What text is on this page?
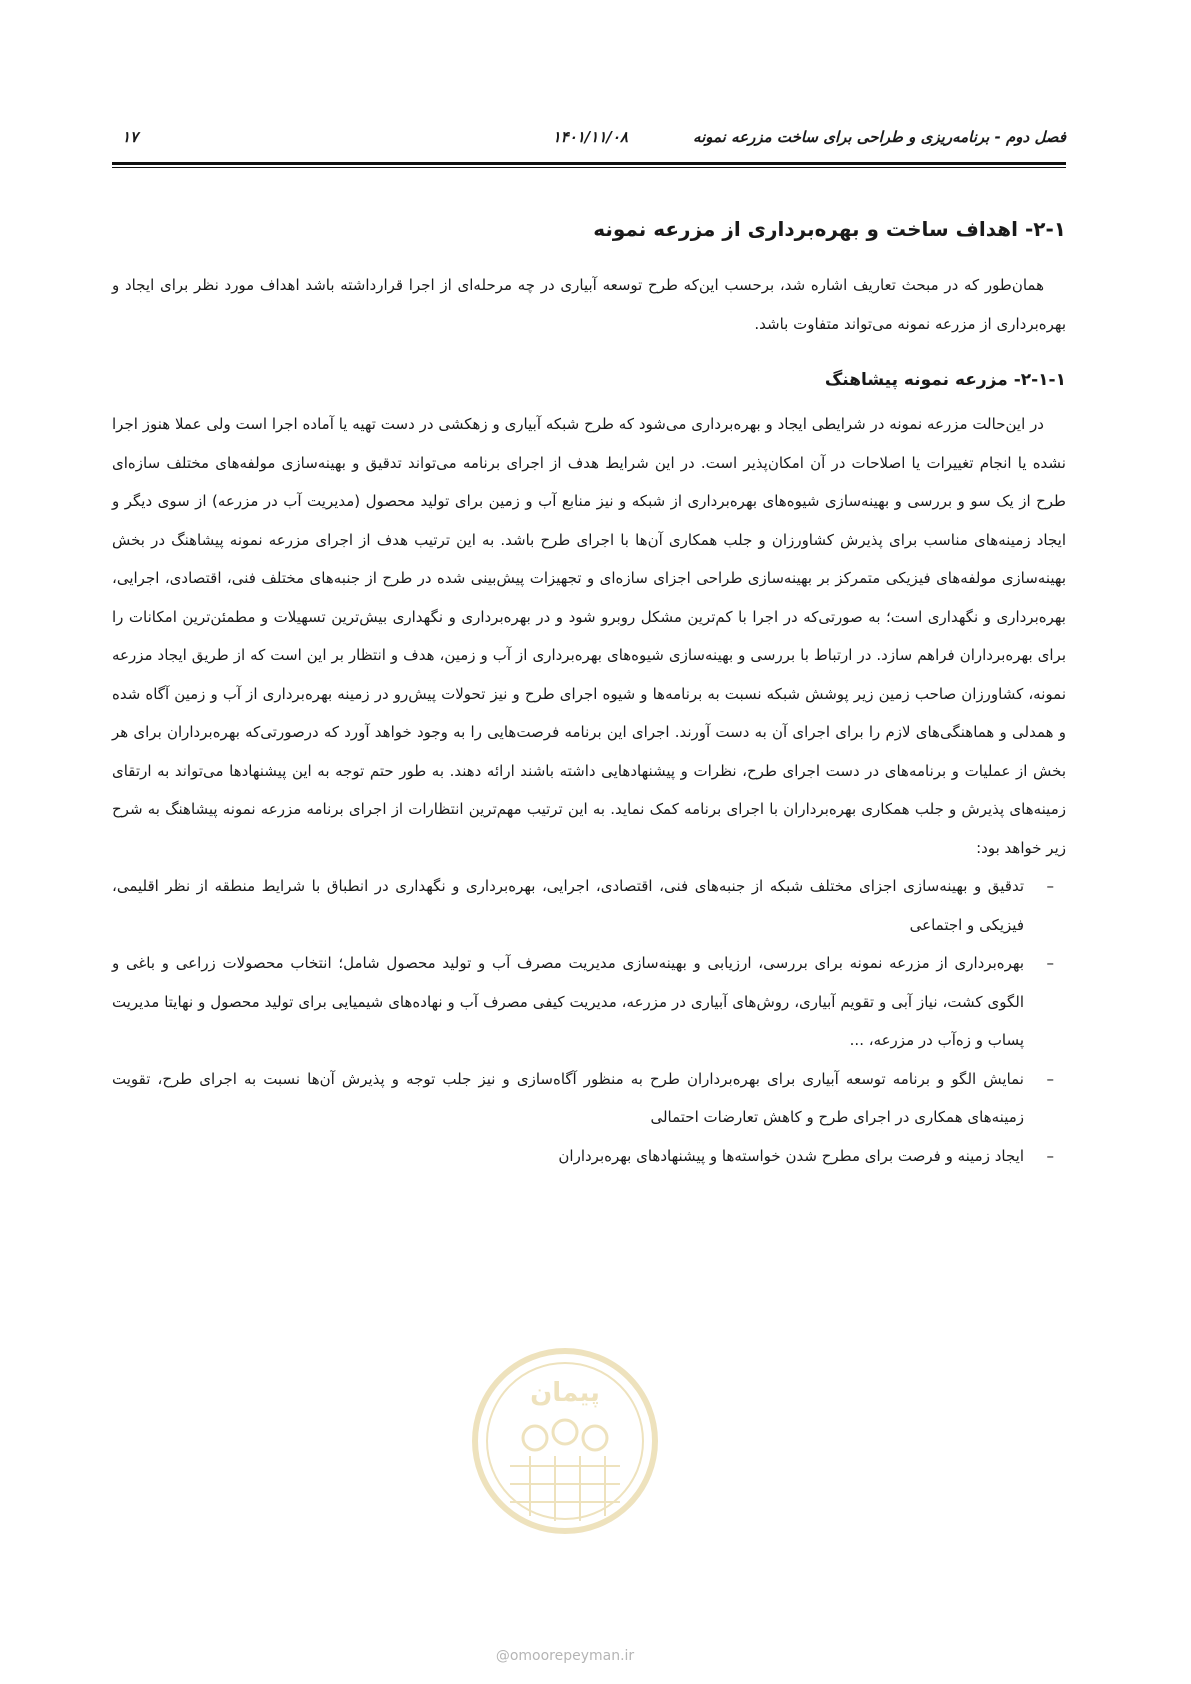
فصل دوم - برنامه‌ریزی و طراحی برای ساخت مزرعه نمونه
۱۴۰۱/۱۱/۰۸
۱۷
۲-۱- اهداف ساخت و بهره‌برداری از مزرعه نمونه

همان‌طور که در مبحث تعاریف اشاره شد، برحسب این‌که طرح توسعه آبیاری در چه مرحله‌ای از اجرا قرارداشته باشد اهداف مورد نظر برای ایجاد و بهره‌برداری از مزرعه نمونه می‌تواند متفاوت باشد.

۲-۱-۱- مزرعه نمونه پیشاهنگ

در این‌حالت مزرعه نمونه در شرایطی ایجاد و بهره‌برداری می‌شود که طرح شبکه آبیاری و زهکشی در دست تهیه یا آماده اجرا است ولی عملا هنوز اجرا نشده یا انجام تغییرات یا اصلاحات در آن امکان‌پذیر است. در این شرایط هدف از اجرای برنامه می‌تواند تدقیق و بهینه‌سازی مولفه‌های مختلف سازه‌ای طرح از یک سو و بررسی و بهینه‌سازی شیوه‌های بهره‌برداری از شبکه و نیز منابع آب و زمین برای تولید محصول (مدیریت آب در مزرعه) از سوی دیگر و ایجاد زمینه‌های مناسب برای پذیرش کشاورزان و جلب همکاری آن‌ها با اجرای طرح باشد. به این ترتیب هدف از اجرای مزرعه نمونه پیشاهنگ در بخش بهینه‌سازی مولفه‌های فیزیکی متمرکز بر بهینه‌سازی طراحی اجزای سازه‌ای و تجهیزات پیش‌بینی شده در طرح از جنبه‌های مختلف فنی، اقتصادی، اجرایی، بهره‌برداری و نگهداری است؛ به صورتی‌که در اجرا با کم‌ترین مشکل روبرو شود و در بهره‌برداری و نگهداری بیش‌ترین تسهیلات و مطمئن‌ترین امکانات را برای بهره‌برداران فراهم سازد. در ارتباط با بررسی و بهینه‌سازی شیوه‌های بهره‌برداری از آب و زمین، هدف و انتظار بر این است که از طریق ایجاد مزرعه نمونه، کشاورزان صاحب زمین زیر پوشش شبکه نسبت به برنامه‌ها و شیوه اجرای طرح و نیز تحولات پیش‌رو در زمینه بهره‌برداری از آب و زمین آگاه شده و همدلی و هماهنگی‌های لازم را برای اجرای آن به دست آورند. اجرای این برنامه فرصت‌هایی را به وجود خواهد آورد که درصورتی‌که بهره‌برداران برای هر بخش از عملیات و برنامه‌های در دست اجرای طرح، نظرات و پیشنهادهایی داشته باشند ارائه دهند. به طور حتم توجه به این پیشنهادها می‌تواند به ارتقای زمینه‌های پذیرش و جلب همکاری بهره‌برداران با اجرای برنامه کمک نماید. به این ترتیب مهم‌ترین انتظارات از اجرای برنامه مزرعه نمونه پیشاهنگ به شرح زیر خواهد بود:

–
تدقیق و بهینه‌سازی اجزای مختلف شبکه از جنبه‌های فنی، اقتصادی، اجرایی، بهره‌برداری و نگهداری در انطباق با شرایط منطقه از نظر اقلیمی، فیزیکی و اجتماعی
–
بهره‌برداری از مزرعه نمونه برای بررسی، ارزیابی و بهینه‌سازی مدیریت مصرف آب و تولید محصول شامل؛ انتخاب محصولات زراعی و باغی و الگوی کشت، نیاز آبی و تقویم آبیاری، روش‌های آبیاری در مزرعه، مدیریت کیفی مصرف آب و نهاده‌های شیمیایی برای تولید محصول و نهایتا مدیریت پساب و زه‌آب در مزرعه، ...
–
نمایش الگو و برنامه توسعه آبیاری برای بهره‌برداران طرح به منظور آگاه‌سازی و نیز جلب توجه و پذیرش آن‌ها نسبت به اجرای طرح، تقویت زمینه‌های همکاری در اجرای طرح و کاهش تعارضات احتمالی
–
ایجاد زمینه و فرصت برای مطرح شدن خواسته‌ها و پیشنهادهای بهره‌برداران
پیمان
@omoorepeyman.ir
